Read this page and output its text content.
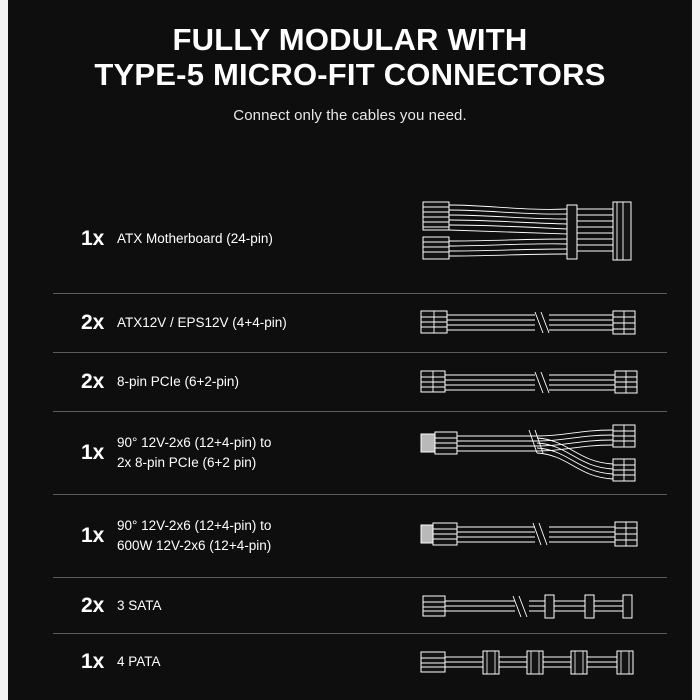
FULLY MODULAR WITH
TYPE-5 MICRO-FIT CONNECTORS
Connect only the cables you need.
1x ATX Motherboard (24-pin)
2x ATX12V / EPS12V (4+4-pin)
2x 8-pin PCIe (6+2-pin)
1x 90° 12V-2x6 (12+4-pin) to
2x 8-pin PCIe (6+2 pin)
1x 90° 12V-2x6 (12+4-pin) to
600W 12V-2x6 (12+4-pin)
2x 3 SATA
1x 4 PATA
